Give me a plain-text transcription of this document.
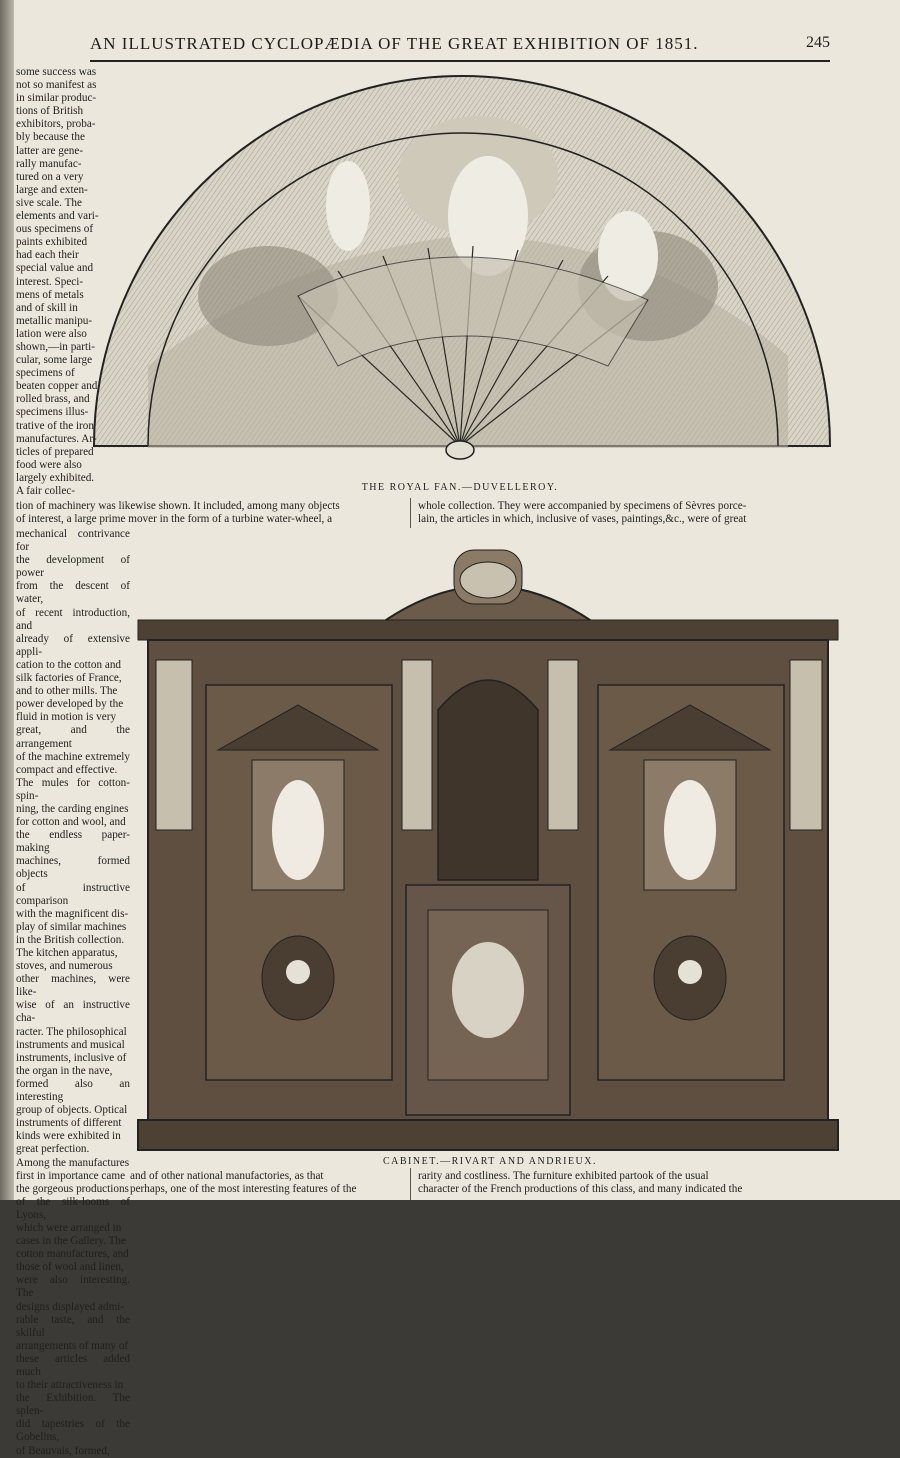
AN ILLUSTRATED CYCLOPÆDIA OF THE GREAT EXHIBITION OF 1851.	245
THE ROYAL FAN.—DUVELLEROY.

some success was
not so manifest as
in similar produc-
tions of British
exhibitors, proba-
bly because the
latter are gene-
rally manufac-
tured on a very
large and exten-
sive scale. The
elements and vari-
ous specimens of
paints exhibited
had each their
special value and
interest. Speci-
mens of metals
and of skill in
metallic manipu-
lation were also
shown,—in parti-
cular, some large
specimens of
beaten copper and
rolled brass, and
specimens illus-
trative of the iron
manufactures. Ar-
ticles of prepared
food were also
largely exhibited.
A fair collec-

tion of machinery was likewise shown. It included, among many objects
of interest, a large prime mover in the form of a turbine water-wheel, a

whole collection. They were accompanied by specimens of Sèvres porce-
lain, the articles in which, inclusive of vases, paintings,&c., were of great

mechanical contrivance for
the development of power
from the descent of water,
of recent introduction, and
already of extensive appli-
cation to the cotton and
silk factories of France,
and to other mills. The
power developed by the
fluid in motion is very
great, and the arrangement
of the machine extremely
compact and effective.
The mules for cotton-spin-
ning, the carding engines
for cotton and wool, and
the endless paper-making
machines, formed objects
of instructive comparison
with the magnificent dis-
play of similar machines
in the British collection.
The kitchen apparatus,
stoves, and numerous
other machines, were like-
wise of an instructive cha-
racter. The philosophical
instruments and musical
instruments, inclusive of
the organ in the nave,
formed also an interesting
group of objects. Optical
instruments of different
kinds were exhibited in
great perfection.
Among the manufactures
first in importance came
the gorgeous productions
of the silk-looms of Lyons,
which were arranged in
cases in the Gallery. The
cotton manufactures, and
those of wool and linen,
were also interesting. The
designs displayed admi-
rable taste, and the skilful
arrangements of many of
these articles added much
to their attractiveness in
the Exhibition. The splen-
did tapestries of the Gobelins,
of Beauvais, formed,

CABINET.—RIVART AND ANDRIEUX.

and of other national manufactories, as that
perhaps, one of the most interesting features of the

rarity and costliness. The furniture exhibited partook of the usual
character of the French productions of this class, and many indicated the
